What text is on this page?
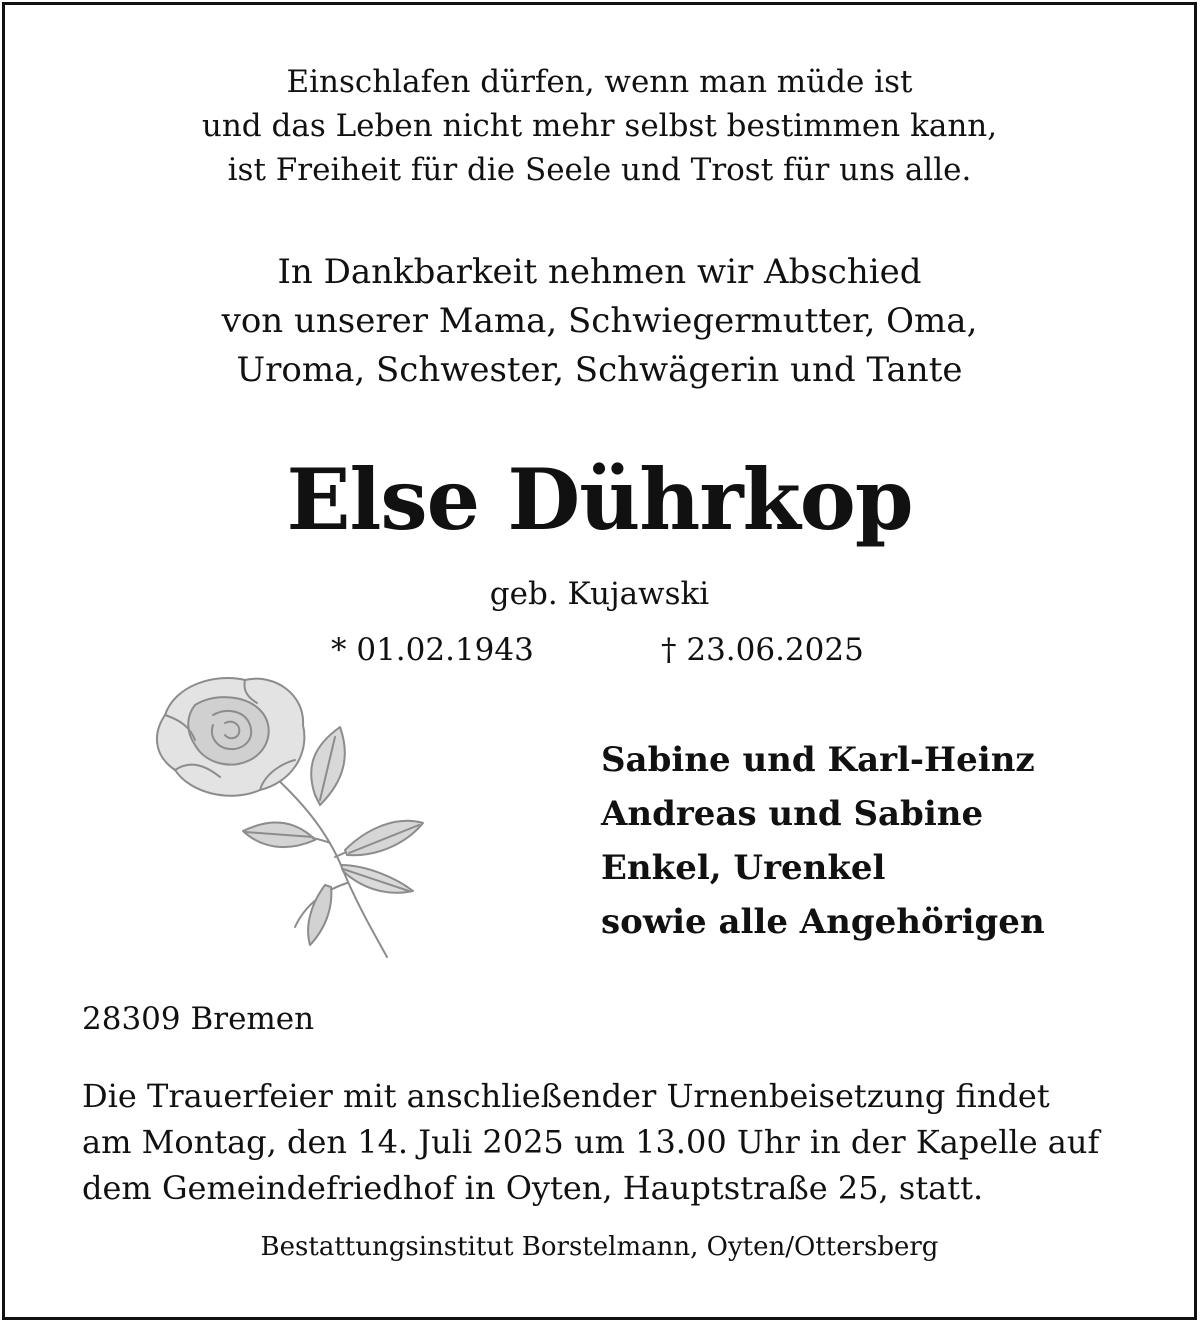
Einschlafen dürfen, wenn man müde ist
und das Leben nicht mehr selbst bestimmen kann,
ist Freiheit für die Seele und Trost für uns alle.
In Dankbarkeit nehmen wir Abschied
von unserer Mama, Schwiegermutter, Oma,
Uroma, Schwester, Schwägerin und Tante
Else Dührkop
geb. Kujawski
* 01.02.1943	† 23.06.2025
Sabine und Karl-Heinz
Andreas und Sabine
Enkel, Urenkel
sowie alle Angehörigen
28309 Bremen
Die Trauerfeier mit anschließender Urnenbeisetzung findet
am Montag, den 14. Juli 2025 um 13.00 Uhr in der Kapelle auf
dem Gemeindefriedhof in Oyten, Hauptstraße 25, statt.
Bestattungsinstitut Borstelmann, Oyten/Ottersberg
